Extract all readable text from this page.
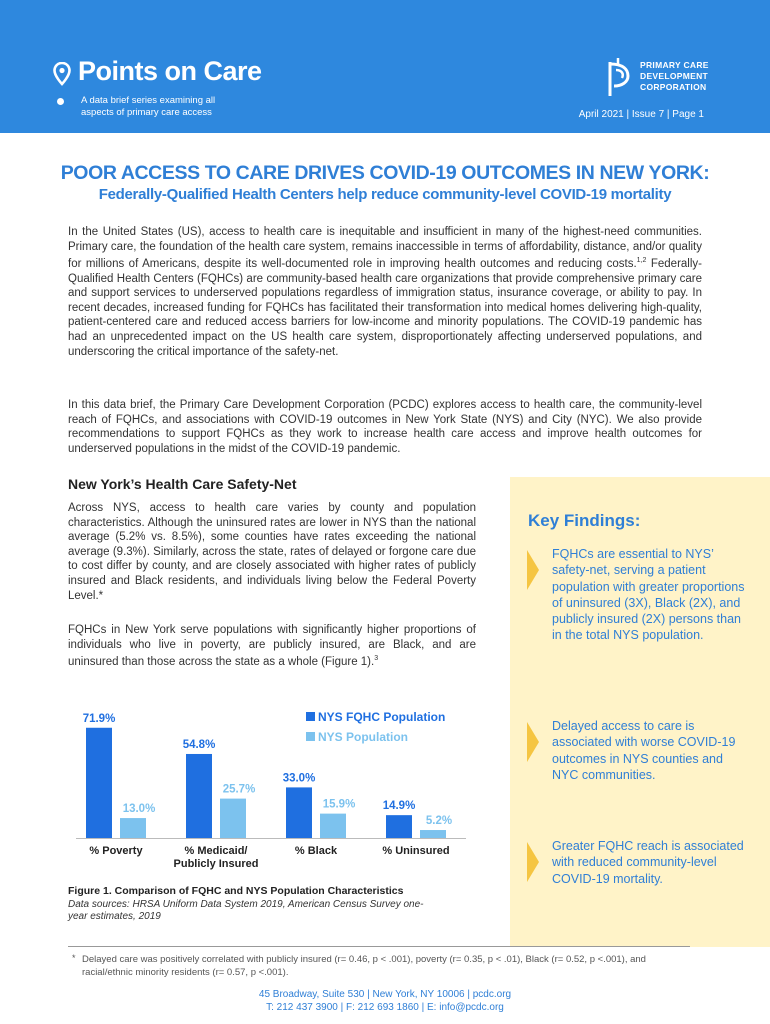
Points on Care
A data brief series examining all aspects of primary care access
PRIMARY CARE
DEVELOPMENT
CORPORATION
April 2021 | Issue 7 | Page 1
POOR ACCESS TO CARE DRIVES COVID-19 OUTCOMES IN NEW YORK:
Federally-Qualified Health Centers help reduce community-level COVID-19 mortality
In the United States (US), access to health care is inequitable and insufficient in many of the highest-need communities. Primary care, the foundation of the health care system, remains inaccessible in terms of affordability, distance, and/or quality for millions of Americans, despite its well-documented role in improving health outcomes and reducing costs.$^{1,2}$ Federally-Qualified Health Centers (FQHCs) are community-based health care organizations that provide comprehensive primary care and support services to underserved populations regardless of immigration status, insurance coverage, or ability to pay. In recent decades, increased funding for FQHCs has facilitated their transformation into medical homes delivering high-quality, patient-centered care and reduced access barriers for low-income and minority populations. The COVID-19 pandemic has had an unprecedented impact on the US health care system, disproportionately affecting underserved populations, and underscoring the critical importance of the safety-net.
In this data brief, the Primary Care Development Corporation (PCDC) explores access to health care, the community-level reach of FQHCs, and associations with COVID-19 outcomes in New York State (NYS) and City (NYC). We also provide recommendations to support FQHCs as they work to increase health care access and improve health outcomes for underserved populations in the midst of the COVID-19 pandemic.
New York’s Health Care Safety-Net
Across NYS, access to health care varies by county and population characteristics. Although the uninsured rates are lower in NYS than the national average (5.2% vs. 8.5%), some counties have rates exceeding the national average (9.3%). Similarly, across the state, rates of delayed or forgone care due to cost differ by county, and are closely associated with higher rates of publicly insured and Black residents, and individuals living below the Federal Poverty Level.*
FQHCs in New York serve populations with significantly higher proportions of individuals who live in poverty, are publicly insured, are Black, and are uninsured than those across the state as a whole (Figure 1).$^3$
71.9%
54.8%
33.0%
14.9%
13.0%
25.7%
15.9%
5.2%
% Poverty	% Medicaid/
Publicly Insured
% Black	% Uninsured
NYS FQHC Population
NYS Population
Figure 1. Comparison of FQHC and NYS Population Characteristics
Data sources: HRSA Uniform Data System 2019, American Census Survey one-year estimates, 2019
Key Findings:
FQHCs are essential to NYS’ safety-net, serving a patient population with greater proportions of uninsured (3X), Black (2X), and publicly insured (2X) persons than in the total NYS population.
Delayed access to care is associated with worse COVID-19 outcomes in NYS counties and NYC communities.
Greater FQHC reach is associated with reduced community-level COVID-19 mortality.
* Delayed care was positively correlated with publicly insured (r= 0.46, p < .001), poverty (r= 0.35, p < .01), Black (r= 0.52, p <.001), and racial/ethnic minority residents (r= 0.57, p <.001).
45 Broadway, Suite 530 | New York, NY 10006 | pcdc.org
T: 212 437 3900 | F: 212 693 1860 | E: info@pcdc.org
